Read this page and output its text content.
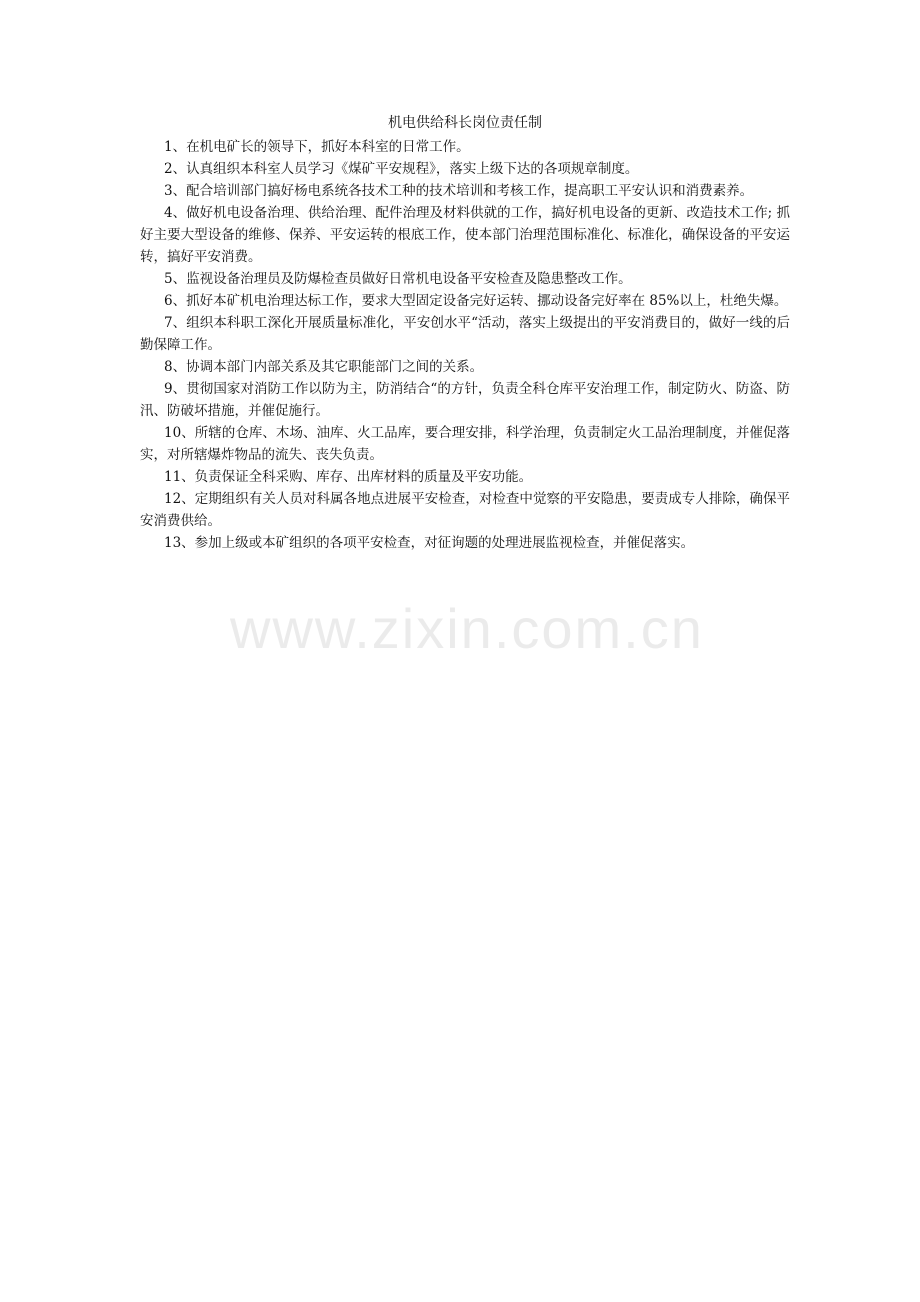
机电供给科长岗位责任制
1、在机电矿长的领导下，抓好本科室的日常工作。
2、认真组织本科室人员学习《煤矿平安规程》，落实上级下达的各项规章制度。
3、配合培训部门搞好杨电系统各技术工种的技术培训和考核工作，提高职工平安认识和消费素养。
4、做好机电设备治理、供给治理、配件治理及材料供就的工作，搞好机电设备的更新、改造技术工作; 抓好主要大型设备的维修、保养、平安运转的根底工作，使本部门治理范围标准化、标准化，确保设备的平安运转，搞好平安消费。
5、监视设备治理员及防爆检查员做好日常机电设备平安检查及隐患整改工作。
6、抓好本矿机电治理达标工作，要求大型固定设备完好运转、挪动设备完好率在 85%以上，杜绝失爆。
7、组织本科职工深化开展质量标准化，平安创水平“活动，落实上级提出的平安消费目的，做好一线的后勤保障工作。
8、协调本部门内部关系及其它职能部门之间的关系。
9、贯彻国家对消防工作以防为主，防消结合“的方针，负责全科仓库平安治理工作，制定防火、防盗、防汛、防破坏措施，并催促施行。
10、所辖的仓库、木场、油库、火工品库，要合理安排，科学治理，负责制定火工品治理制度，并催促落实，对所辖爆炸物品的流失、丧失负责。
11、负责保证全科采购、库存、出库材料的质量及平安功能。
12、定期组织有关人员对科属各地点进展平安检查，对检查中觉察的平安隐患，要责成专人排除，确保平安消费供给。
13、参加上级或本矿组织的各项平安检查，对征询题的处理进展监视检查，并催促落实。
www.zixin.com.cn
